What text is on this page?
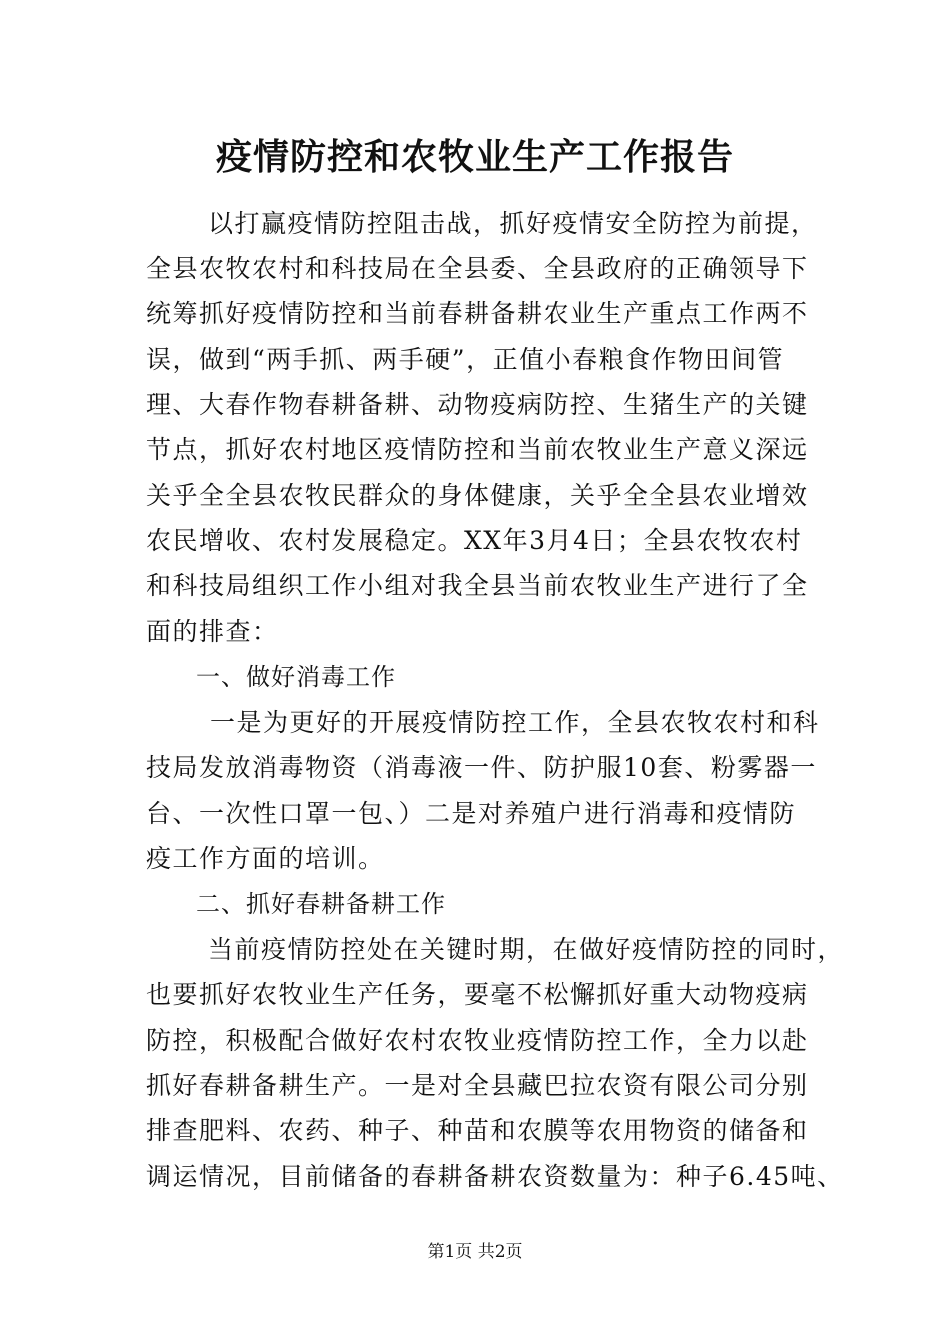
疫情防控和农牧业生产工作报告
以打赢疫情防控阻击战，抓好疫情安全防控为前提，
全县农牧农村和科技局在全县委、全县政府的正确领导下
统筹抓好疫情防控和当前春耕备耕农业生产重点工作两不
误，做到“两手抓、两手硬”，正值小春粮食作物田间管
理、大春作物春耕备耕、动物疫病防控、生猪生产的关键
节点，抓好农村地区疫情防控和当前农牧业生产意义深远
关乎全全县农牧民群众的身体健康，关乎全全县农业增效
农民增收、农村发展稳定。XX年3月4日；全县农牧农村
和科技局组织工作小组对我全县当前农牧业生产进行了全
面的排查：
一、做好消毒工作
一是为更好的开展疫情防控工作，全县农牧农村和科
技局发放消毒物资（消毒液一件、防护服10套、粉雾器一
台、一次性口罩一包、）二是对养殖户进行消毒和疫情防
疫工作方面的培训。
二、抓好春耕备耕工作
当前疫情防控处在关键时期，在做好疫情防控的同时，
也要抓好农牧业生产任务，要毫不松懈抓好重大动物疫病
防控，积极配合做好农村农牧业疫情防控工作，全力以赴
抓好春耕备耕生产。一是对全县藏巴拉农资有限公司分别
排查肥料、农药、种子、种苗和农膜等农用物资的储备和
调运情况，目前储备的春耕备耕农资数量为：种子6.45吨、
第1页 共2页
